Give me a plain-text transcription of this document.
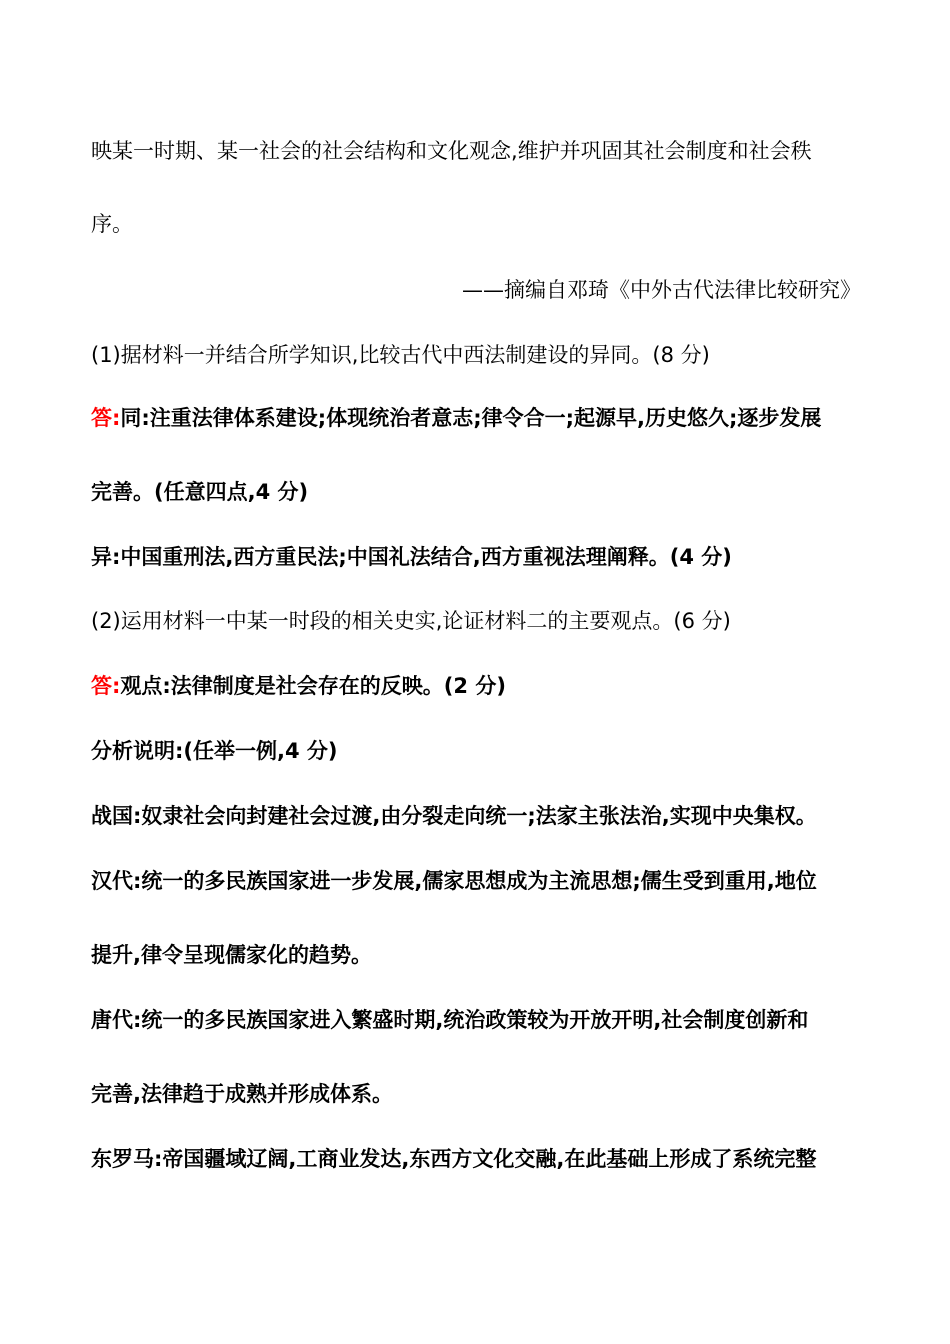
映某一时期、某一社会的社会结构和文化观念,维护并巩固其社会制度和社会秩
序。
——摘编自邓琦《中外古代法律比较研究》
(1)据材料一并结合所学知识,比较古代中西法制建设的异同。(8 分)
答:同:注重法律体系建设;体现统治者意志;律令合一;起源早,历史悠久;逐步发展
完善。(任意四点,4 分)
异:中国重刑法,西方重民法;中国礼法结合,西方重视法理阐释。(4 分)
(2)运用材料一中某一时段的相关史实,论证材料二的主要观点。(6 分)
答:观点:法律制度是社会存在的反映。(2 分)
分析说明:(任举一例,4 分)
战国:奴隶社会向封建社会过渡,由分裂走向统一;法家主张法治,实现中央集权。
汉代:统一的多民族国家进一步发展,儒家思想成为主流思想;儒生受到重用,地位
提升,律令呈现儒家化的趋势。
唐代:统一的多民族国家进入繁盛时期,统治政策较为开放开明,社会制度创新和
完善,法律趋于成熟并形成体系。
东罗马:帝国疆域辽阔,工商业发达,东西方文化交融,在此基础上形成了系统完整
